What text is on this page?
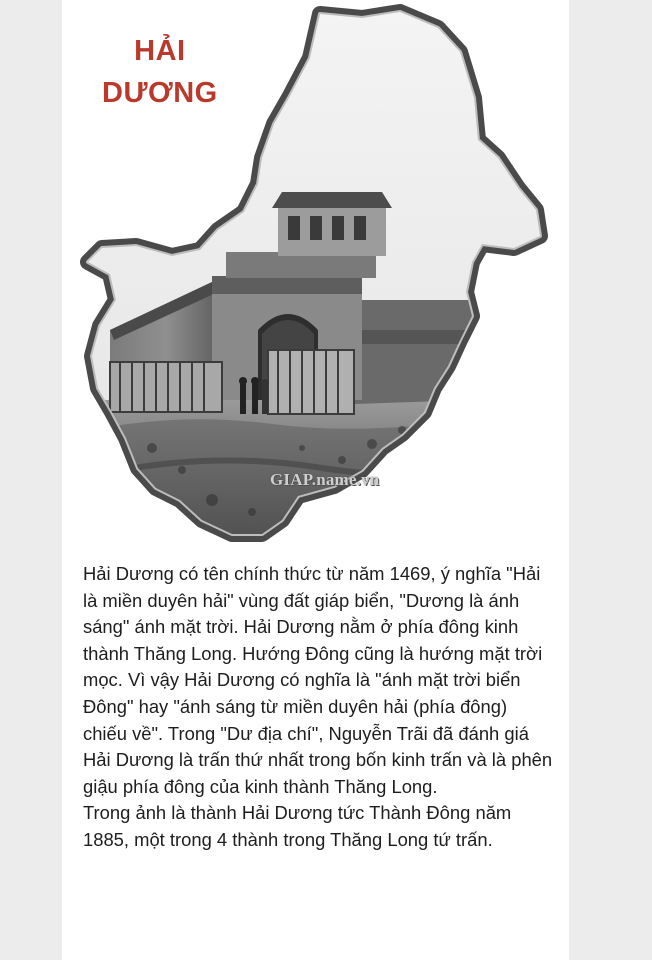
HẢI
DƯƠNG
GIAP.name.vn

Hải Dương có tên chính thức từ năm 1469, ý nghĩa "Hải là miền duyên hải" vùng đất giáp biển, "Dương là ánh sáng" ánh mặt trời. Hải Dương nằm ở phía đông kinh thành Thăng Long. Hướng Đông cũng là hướng mặt trời mọc. Vì vậy Hải Dương có nghĩa là "ánh mặt trời biển Đông" hay "ánh sáng từ miền duyên hải (phía đông) chiếu về". Trong "Dư địa chí", Nguyễn Trãi đã đánh giá Hải Dương là trấn thứ nhất trong bốn kinh trấn và là phên giậu phía đông của kinh thành Thăng Long.

Trong ảnh là thành Hải Dương tức Thành Đông năm 1885, một trong 4 thành trong Thăng Long tứ trấn.
